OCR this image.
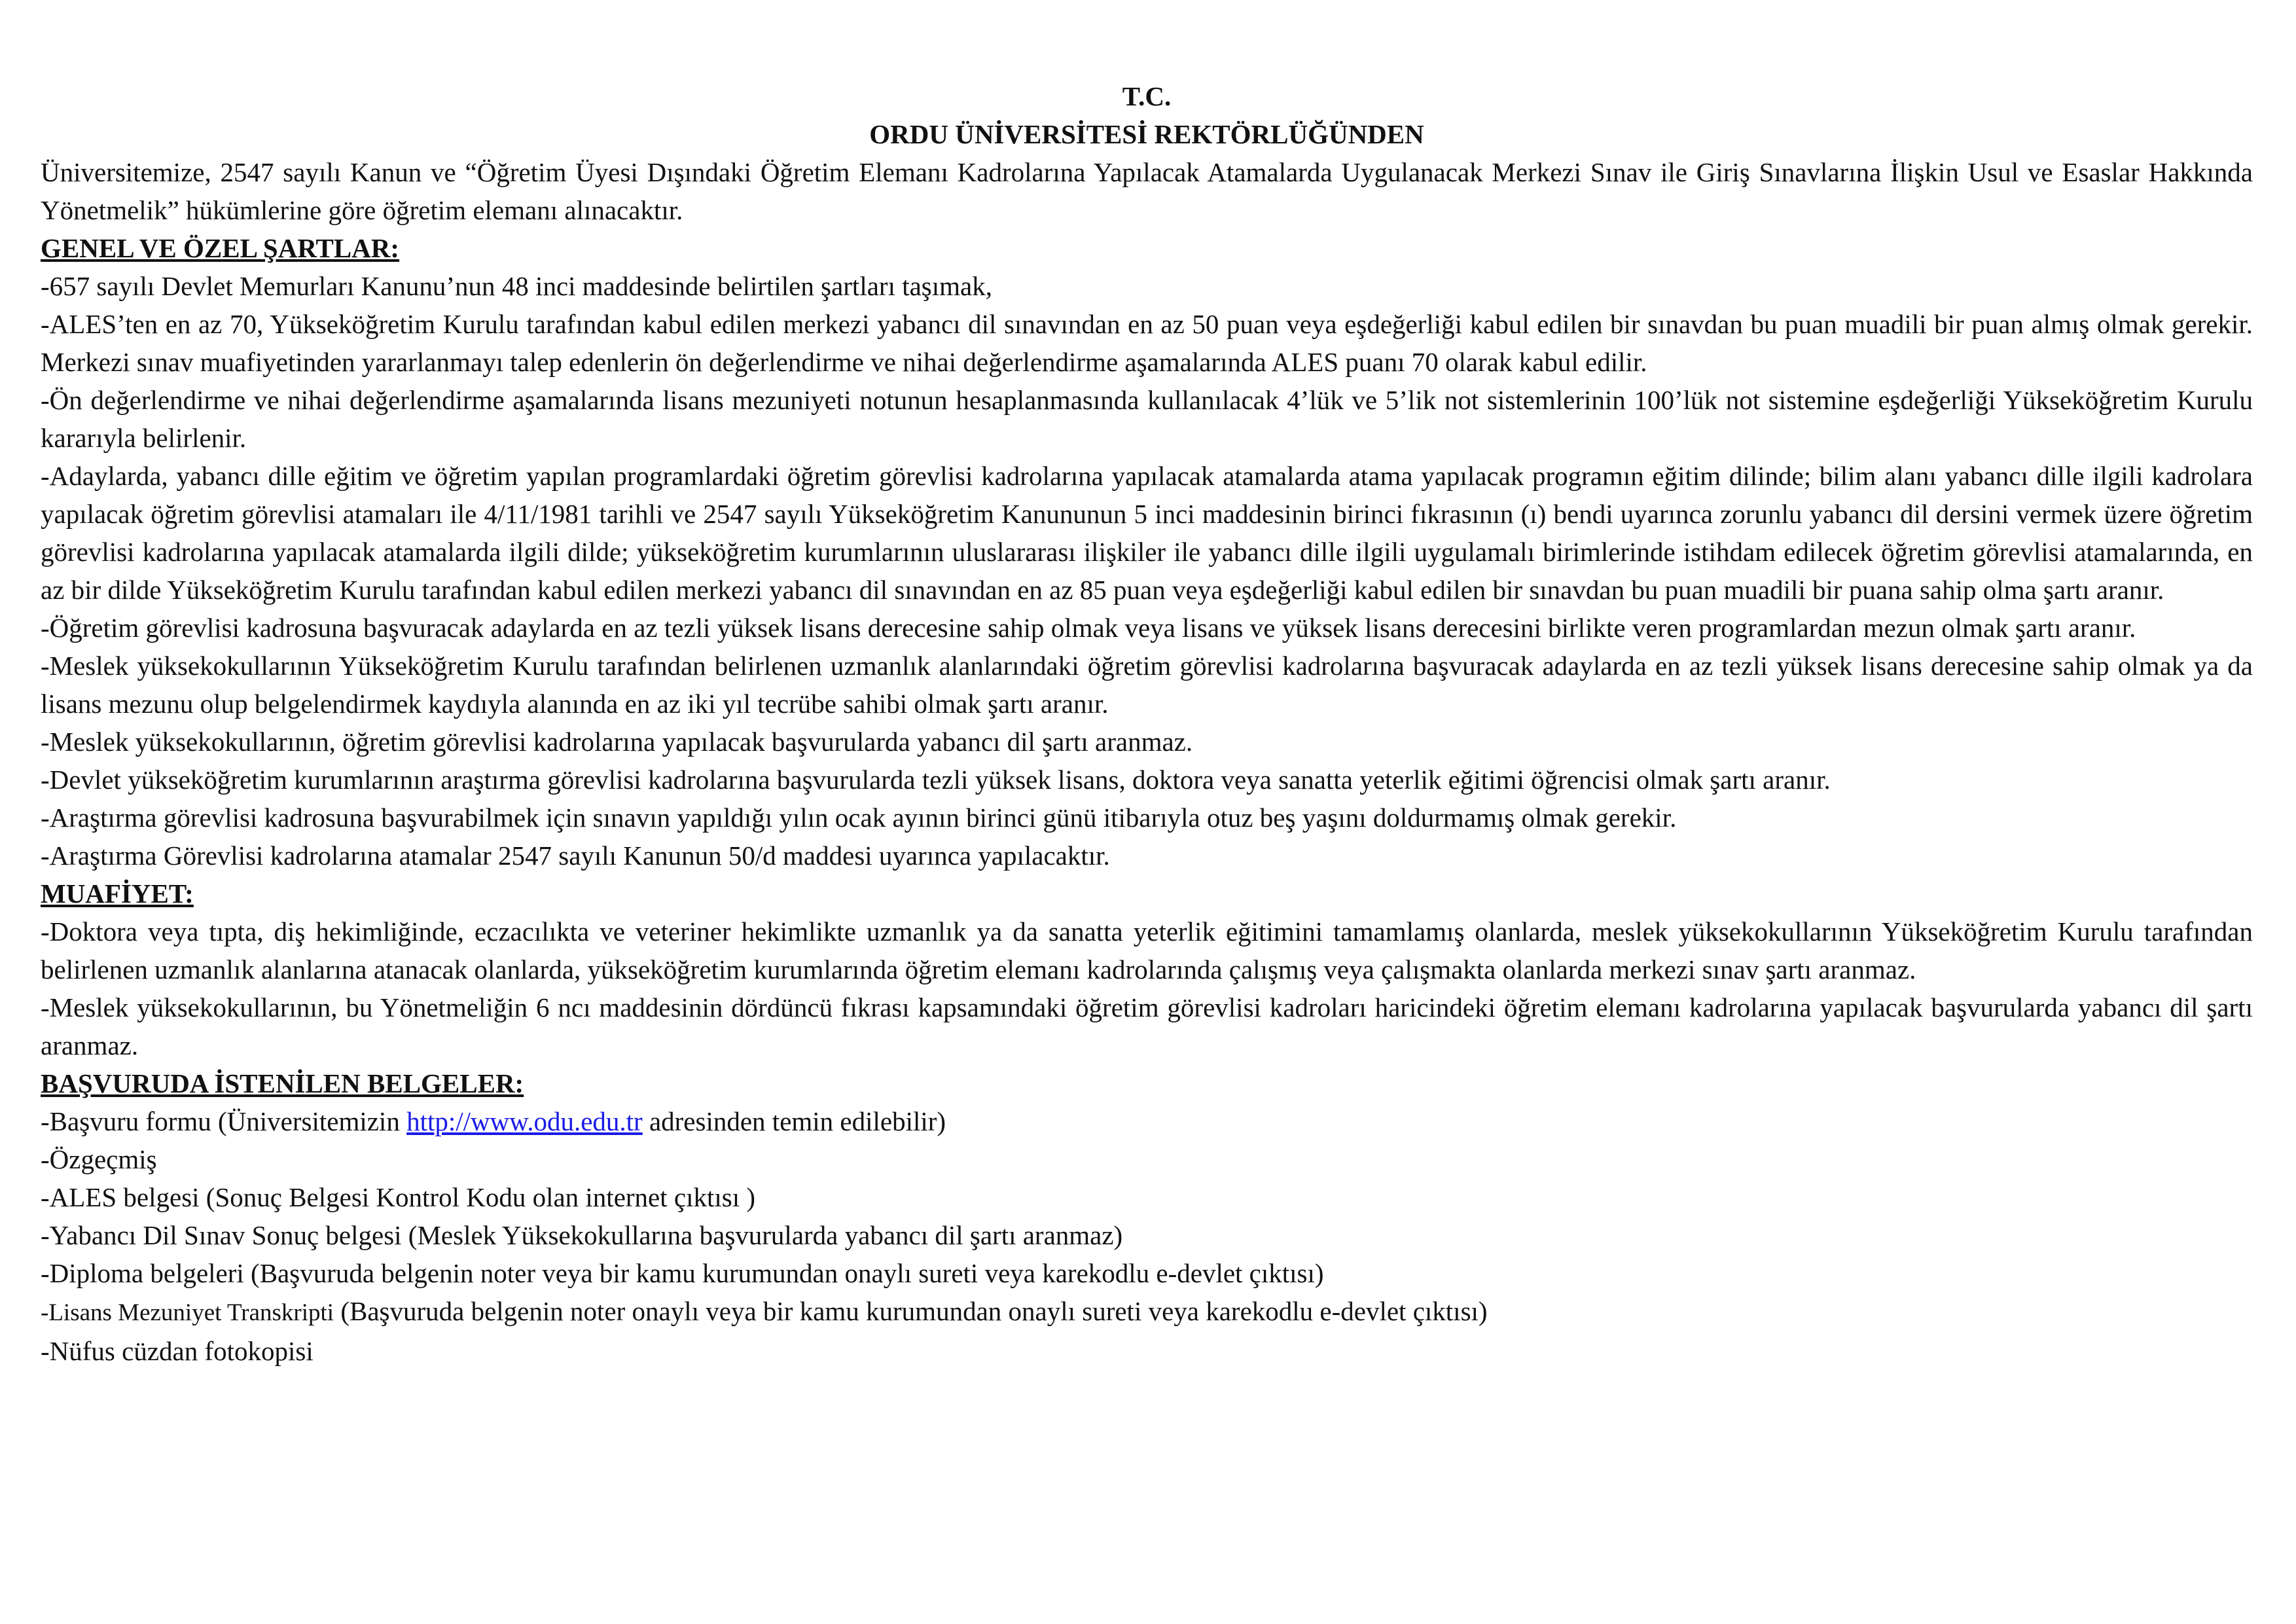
T.C.

ORDU ÜNİVERSİTESİ REKTÖRLÜĞÜNDEN

Üniversitemize, 2547 sayılı Kanun ve “Öğretim Üyesi Dışındaki Öğretim Elemanı Kadrolarına Yapılacak Atamalarda Uygulanacak Merkezi Sınav ile Giriş Sınavlarına İlişkin Usul ve Esaslar Hakkında Yönetmelik” hükümlerine göre öğretim elemanı alınacaktır.

GENEL VE ÖZEL ŞARTLAR:

-657 sayılı Devlet Memurları Kanunu’nun 48 inci maddesinde belirtilen şartları taşımak,

-ALES’ten en az 70, Yükseköğretim Kurulu tarafından kabul edilen merkezi yabancı dil sınavından en az 50 puan veya eşdeğerliği kabul edilen bir sınavdan bu puan muadili bir puan almış olmak gerekir. Merkezi sınav muafiyetinden yararlanmayı talep edenlerin ön değerlendirme ve nihai değerlendirme aşamalarında ALES puanı 70 olarak kabul edilir.

-Ön değerlendirme ve nihai değerlendirme aşamalarında lisans mezuniyeti notunun hesaplanmasında kullanılacak 4’lük ve 5’lik not sistemlerinin 100’lük not sistemine eşdeğerliği Yükseköğretim Kurulu kararıyla belirlenir.

-Adaylarda, yabancı dille eğitim ve öğretim yapılan programlardaki öğretim görevlisi kadrolarına yapılacak atamalarda atama yapılacak programın eğitim dilinde; bilim alanı yabancı dille ilgili kadrolara yapılacak öğretim görevlisi atamaları ile 4/11/1981 tarihli ve 2547 sayılı Yükseköğretim Kanununun 5 inci maddesinin birinci fıkrasının (ı) bendi uyarınca zorunlu yabancı dil dersini vermek üzere öğretim görevlisi kadrolarına yapılacak atamalarda ilgili dilde; yükseköğretim kurumlarının uluslararası ilişkiler ile yabancı dille ilgili uygulamalı birimlerinde istihdam edilecek öğretim görevlisi atamalarında, en az bir dilde Yükseköğretim Kurulu tarafından kabul edilen merkezi yabancı dil sınavından en az 85 puan veya eşdeğerliği kabul edilen bir sınavdan bu puan muadili bir puana sahip olma şartı aranır.

-Öğretim görevlisi kadrosuna başvuracak adaylarda en az tezli yüksek lisans derecesine sahip olmak veya lisans ve yüksek lisans derecesini birlikte veren programlardan mezun olmak şartı aranır.

-Meslek yüksekokullarının Yükseköğretim Kurulu tarafından belirlenen uzmanlık alanlarındaki öğretim görevlisi kadrolarına başvuracak adaylarda en az tezli yüksek lisans derecesine sahip olmak ya da lisans mezunu olup belgelendirmek kaydıyla alanında en az iki yıl tecrübe sahibi olmak şartı aranır.

-Meslek yüksekokullarının, öğretim görevlisi kadrolarına yapılacak başvurularda yabancı dil şartı aranmaz.

-Devlet yükseköğretim kurumlarının araştırma görevlisi kadrolarına başvurularda tezli yüksek lisans, doktora veya sanatta yeterlik eğitimi öğrencisi olmak şartı aranır.

-Araştırma görevlisi kadrosuna başvurabilmek için sınavın yapıldığı yılın ocak ayının birinci günü itibarıyla otuz beş yaşını doldurmamış olmak gerekir.

-Araştırma Görevlisi kadrolarına atamalar 2547 sayılı Kanunun 50/d maddesi uyarınca yapılacaktır.

MUAFİYET:

-Doktora veya tıpta, diş hekimliğinde, eczacılıkta ve veteriner hekimlikte uzmanlık ya da sanatta yeterlik eğitimini tamamlamış olanlarda, meslek yüksekokullarının Yükseköğretim Kurulu tarafından belirlenen uzmanlık alanlarına atanacak olanlarda, yükseköğretim kurumlarında öğretim elemanı kadrolarında çalışmış veya çalışmakta olanlarda merkezi sınav şartı aranmaz.

-Meslek yüksekokullarının, bu Yönetmeliğin 6 ncı maddesinin dördüncü fıkrası kapsamındaki öğretim görevlisi kadroları haricindeki öğretim elemanı kadrolarına yapılacak başvurularda yabancı dil şartı aranmaz.

BAŞVURUDA İSTENİLEN BELGELER:

-Başvuru formu (Üniversitemizin http://www.odu.edu.tr adresinden temin edilebilir)

-Özgeçmiş

-ALES belgesi (Sonuç Belgesi Kontrol Kodu olan internet çıktısı )

-Yabancı Dil Sınav Sonuç belgesi (Meslek Yüksekokullarına başvurularda yabancı dil şartı aranmaz)

-Diploma belgeleri (Başvuruda belgenin noter veya bir kamu kurumundan onaylı sureti veya karekodlu e-devlet çıktısı)

-Lisans Mezuniyet Transkripti (Başvuruda belgenin noter onaylı veya bir kamu kurumundan onaylı sureti veya karekodlu e-devlet çıktısı)

-Nüfus cüzdan fotokopisi
